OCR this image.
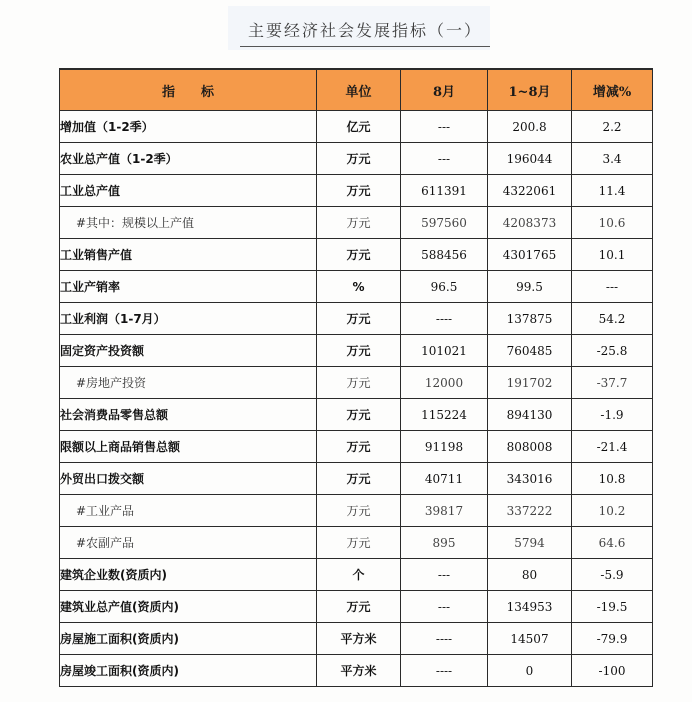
主要经济社会发展指标（一）
指　　标	单位	8月	1~8月	增减%
增加值（1-2季）	亿元	---	200.8	2.2
农业总产值（1-2季）	万元	---	196044	3.4
工业总产值	万元	611391	4322061	11.4
#其中：规模以上产值	万元	597560	4208373	10.6
工业销售产值	万元	588456	4301765	10.1
工业产销率	%	96.5	99.5	---
工业利润（1-7月）	万元	----	137875	54.2
固定资产投资额	万元	101021	760485	-25.8
#房地产投资	万元	12000	191702	-37.7
社会消费品零售总额	万元	115224	894130	-1.9
限额以上商品销售总额	万元	91198	808008	-21.4
外贸出口拨交额	万元	40711	343016	10.8
#工业产品	万元	39817	337222	10.2
#农副产品	万元	895	5794	64.6
建筑企业数(资质内)	个	---	80	-5.9
建筑业总产值(资质内)	万元	---	134953	-19.5
房屋施工面积(资质内)	平方米	----	14507	-79.9
房屋竣工面积(资质内)	平方米	----	0	-100
